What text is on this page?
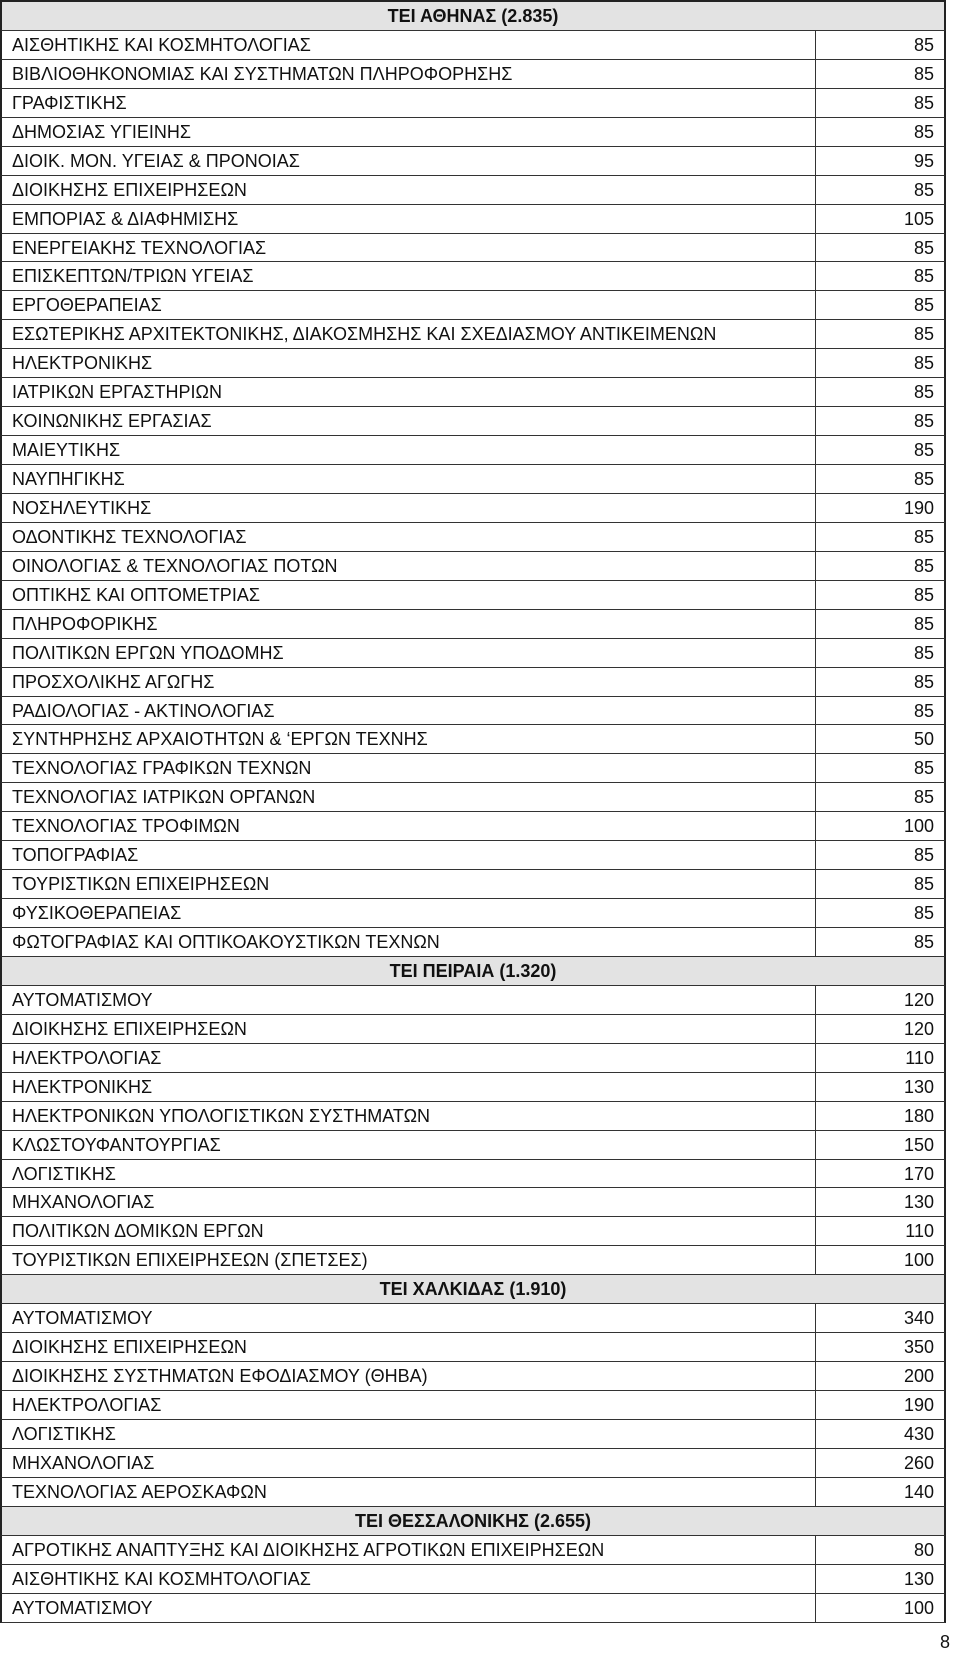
ΤΕΙ ΑΘΗΝΑΣ (2.835)
ΑΙΣΘΗΤΙΚΗΣ ΚΑΙ ΚΟΣΜΗΤΟΛΟΓΙΑΣ	85
ΒΙΒΛΙΟΘΗΚΟΝΟΜΙΑΣ ΚΑΙ ΣΥΣΤΗΜΑΤΩΝ ΠΛΗΡΟΦΟΡΗΣΗΣ	85
ΓΡΑΦΙΣΤΙΚΗΣ	85
ΔΗΜΟΣΙΑΣ ΥΓΙΕΙΝΗΣ	85
ΔΙΟΙΚ. ΜΟΝ. ΥΓΕΙΑΣ & ΠΡΟΝΟΙΑΣ	95
ΔΙΟΙΚΗΣΗΣ ΕΠΙΧΕΙΡΗΣΕΩΝ	85
ΕΜΠΟΡΙΑΣ & ΔΙΑΦΗΜΙΣΗΣ	105
ΕΝΕΡΓΕΙΑΚΗΣ ΤΕΧΝΟΛΟΓΙΑΣ	85
ΕΠΙΣΚΕΠΤΩΝ/ΤΡΙΩΝ ΥΓΕΙΑΣ	85
ΕΡΓΟΘΕΡΑΠΕΙΑΣ	85
ΕΣΩΤΕΡΙΚΗΣ ΑΡΧΙΤΕΚΤΟΝΙΚΗΣ, ΔΙΑΚΟΣΜΗΣΗΣ ΚΑΙ ΣΧΕΔΙΑΣΜΟΥ ΑΝΤΙΚΕΙΜΕΝΩΝ	85
ΗΛΕΚΤΡΟΝΙΚΗΣ	85
ΙΑΤΡΙΚΩΝ ΕΡΓΑΣΤΗΡΙΩΝ	85
ΚΟΙΝΩΝΙΚΗΣ ΕΡΓΑΣΙΑΣ	85
ΜΑΙΕΥΤΙΚΗΣ	85
ΝΑΥΠΗΓΙΚΗΣ	85
ΝΟΣΗΛΕΥΤΙΚΗΣ	190
ΟΔΟΝΤΙΚΗΣ ΤΕΧΝΟΛΟΓΙΑΣ	85
ΟΙΝΟΛΟΓΙΑΣ & ΤΕΧΝΟΛΟΓΙΑΣ ΠΟΤΩΝ	85
ΟΠΤΙΚΗΣ ΚΑΙ ΟΠΤΟΜΕΤΡΙΑΣ	85
ΠΛΗΡΟΦΟΡΙΚΗΣ	85
ΠΟΛΙΤΙΚΩΝ ΕΡΓΩΝ ΥΠΟΔΟΜΗΣ	85
ΠΡΟΣΧΟΛΙΚΗΣ ΑΓΩΓΗΣ	85
ΡΑΔΙΟΛΟΓΙΑΣ - ΑΚΤΙΝΟΛΟΓΙΑΣ	85
ΣΥΝΤΗΡΗΣΗΣ ΑΡΧΑΙΟΤΗΤΩΝ & ‘ΕΡΓΩΝ ΤΕΧΝΗΣ	50
ΤΕΧΝΟΛΟΓΙΑΣ ΓΡΑΦΙΚΩΝ ΤΕΧΝΩΝ	85
ΤΕΧΝΟΛΟΓΙΑΣ ΙΑΤΡΙΚΩΝ ΟΡΓΑΝΩΝ	85
ΤΕΧΝΟΛΟΓΙΑΣ ΤΡΟΦΙΜΩΝ	100
ΤΟΠΟΓΡΑΦΙΑΣ	85
ΤΟΥΡΙΣΤΙΚΩΝ ΕΠΙΧΕΙΡΗΣΕΩΝ	85
ΦΥΣΙΚΟΘΕΡΑΠΕΙΑΣ	85
ΦΩΤΟΓΡΑΦΙΑΣ ΚΑΙ ΟΠΤΙΚΟΑΚΟΥΣΤΙΚΩΝ ΤΕΧΝΩΝ	85
ΤΕΙ ΠΕΙΡΑΙΑ (1.320)
ΑΥΤΟΜΑΤΙΣΜΟΥ	120
ΔΙΟΙΚΗΣΗΣ ΕΠΙΧΕΙΡΗΣΕΩΝ	120
ΗΛΕΚΤΡΟΛΟΓΙΑΣ	110
ΗΛΕΚΤΡΟΝΙΚΗΣ	130
ΗΛΕΚΤΡΟΝΙΚΩΝ ΥΠΟΛΟΓΙΣΤΙΚΩΝ ΣΥΣΤΗΜΑΤΩΝ	180
ΚΛΩΣΤΟΥΦΑΝΤΟΥΡΓΙΑΣ	150
ΛΟΓΙΣΤΙΚΗΣ	170
ΜΗΧΑΝΟΛΟΓΙΑΣ	130
ΠΟΛΙΤΙΚΩΝ ΔΟΜΙΚΩΝ ΕΡΓΩΝ	110
ΤΟΥΡΙΣΤΙΚΩΝ ΕΠΙΧΕΙΡΗΣΕΩΝ (ΣΠΕΤΣΕΣ)	100
ΤΕΙ ΧΑΛΚΙΔΑΣ (1.910)
ΑΥΤΟΜΑΤΙΣΜΟΥ	340
ΔΙΟΙΚΗΣΗΣ ΕΠΙΧΕΙΡΗΣΕΩΝ	350
ΔΙΟΙΚΗΣΗΣ ΣΥΣΤΗΜΑΤΩΝ ΕΦΟΔΙΑΣΜΟΥ (ΘΗΒΑ)	200
ΗΛΕΚΤΡΟΛΟΓΙΑΣ	190
ΛΟΓΙΣΤΙΚΗΣ	430
ΜΗΧΑΝΟΛΟΓΙΑΣ	260
ΤΕΧΝΟΛΟΓΙΑΣ ΑΕΡΟΣΚΑΦΩΝ	140
ΤΕΙ ΘΕΣΣΑΛΟΝΙΚΗΣ (2.655)
ΑΓΡΟΤΙΚΗΣ ΑΝΑΠΤΥΞΗΣ ΚΑΙ ΔΙΟΙΚΗΣΗΣ ΑΓΡΟΤΙΚΩΝ ΕΠΙΧΕΙΡΗΣΕΩΝ	80
ΑΙΣΘΗΤΙΚΗΣ ΚΑΙ ΚΟΣΜΗΤΟΛΟΓΙΑΣ	130
ΑΥΤΟΜΑΤΙΣΜΟΥ	100
8
